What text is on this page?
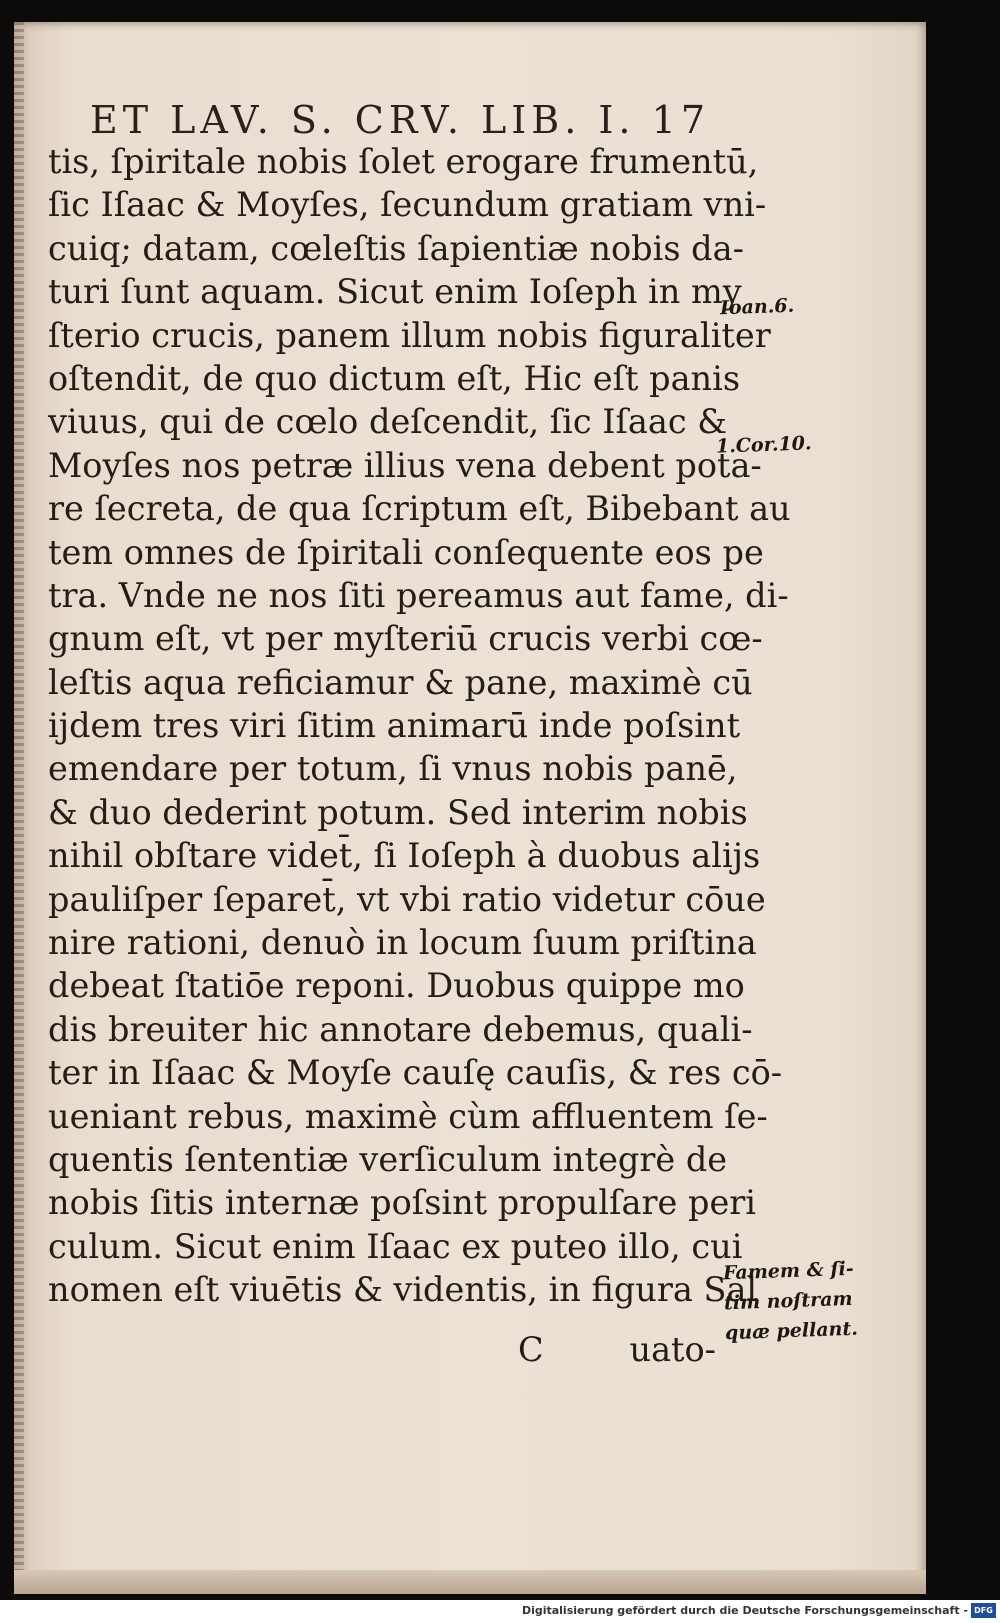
ET LAV. S. CRV. LIB. I. 17
tis, ſpiritale nobis ſolet erogare frumentū,
ſic Iſaac & Moyſes, ſecundum gratiam vni-
cuiq; datam, cœleſtis ſapientiæ nobis da-
turi ſunt aquam. Sicut enim Ioſeph in my
ſterio crucis, panem illum nobis figuraliter
oſtendit, de quo dictum eſt, Hic eſt panis
viuus, qui de cœlo deſcendit, ſic Iſaac &
Moyſes nos petræ illius vena debent pota-
re ſecreta, de qua ſcriptum eſt, Bibebant au
tem omnes de ſpiritali conſequente eos pe
tra. Vnde ne nos ſiti pereamus aut fame, di-
gnum eſt, vt per myſteriū crucis verbi cœ-
leſtis aqua reficiamur & pane, maximè cū
ijdem tres viri ſitim animarū inde poſsint
emendare per totum, ſi vnus nobis panē,
& duo dederint potum. Sed interim nobis
nihil obſtare videt̄, ſi Ioſeph à duobus alijs
pauliſper ſeparet̄, vt vbi ratio videtur cōue
nire rationi, denuò in locum ſuum priſtina
debeat ſtatiōe reponi. Duobus quippe mo
dis breuiter hic annotare debemus, quali-
ter in Iſaac & Moyſe cauſę cauſis, & res cō-
ueniant rebus, maximè cùm affluentem ſe-
quentis ſententiæ verſiculum integrè de
nobis ſitis internæ poſsint propulſare peri
culum. Sicut enim Iſaac ex puteo illo, cui
nomen eſt viuētis & videntis, in figura Sal
C	uato-
Ioan.6.
1.Cor.10.
Famem & ſi-
tim noſtram
quæ pellant.
Digitalisierung gefördert durch die Deutsche Forschungsgemeinschaft - DFG
